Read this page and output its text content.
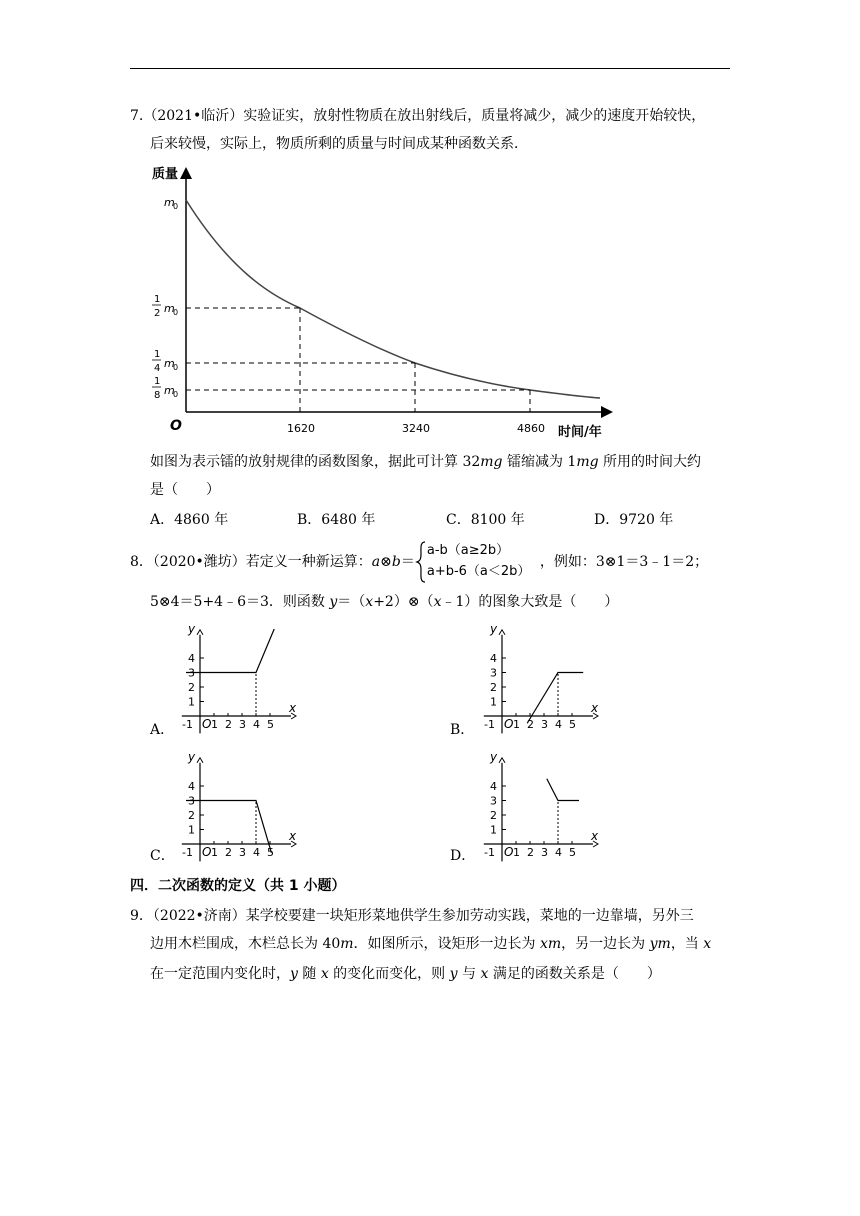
7.（2021•临沂）实验证实，放射性物质在放出射线后，质量将减少，减少的速度开始较快，
后来较慢，实际上，物质所剩的质量与时间成某种函数关系．
质量
时间/年
O	1620	3240	4860
m
0
1
2 m
0
1
4 m
0
1
8 m
0
如图为表示镭的放射规律的函数图象，据此可计算 32mg 镭缩减为 1mg 所用的时间大约
是（　　）
A．4860 年	B．6480 年	C．8100 年	D．9720 年
8．（2020•潍坊）若定义一种新运算：a⊗b＝
a-b（a≥2b）
a+b-6（a＜2b）
，例如：3⊗1＝3﹣1＝2；
5⊗4＝5+4﹣6＝3．则函数 y＝（x+2）⊗（x﹣1）的图象大致是（　　）
1 2 3 4 5
-1
1
2
3
4
O
x
y
1 2 3 4 5
-1
1
2
3
4
O
x
y
1 2 3 4 5
-1
1
2
3
4
O
x
y
1 2 3 4 5
-1
1
2
3
4
O
x
y
A．	B．
C．	D．
四．二次函数的定义（共 1 小题）
9．（2022•济南）某学校要建一块矩形菜地供学生参加劳动实践，菜地的一边靠墙，另外三
边用木栏围成，木栏总长为 40m．如图所示，设矩形一边长为 xm，另一边长为 ym，当 x
在一定范围内变化时，y 随 x 的变化而变化，则 y 与 x 满足的函数关系是（　　）
